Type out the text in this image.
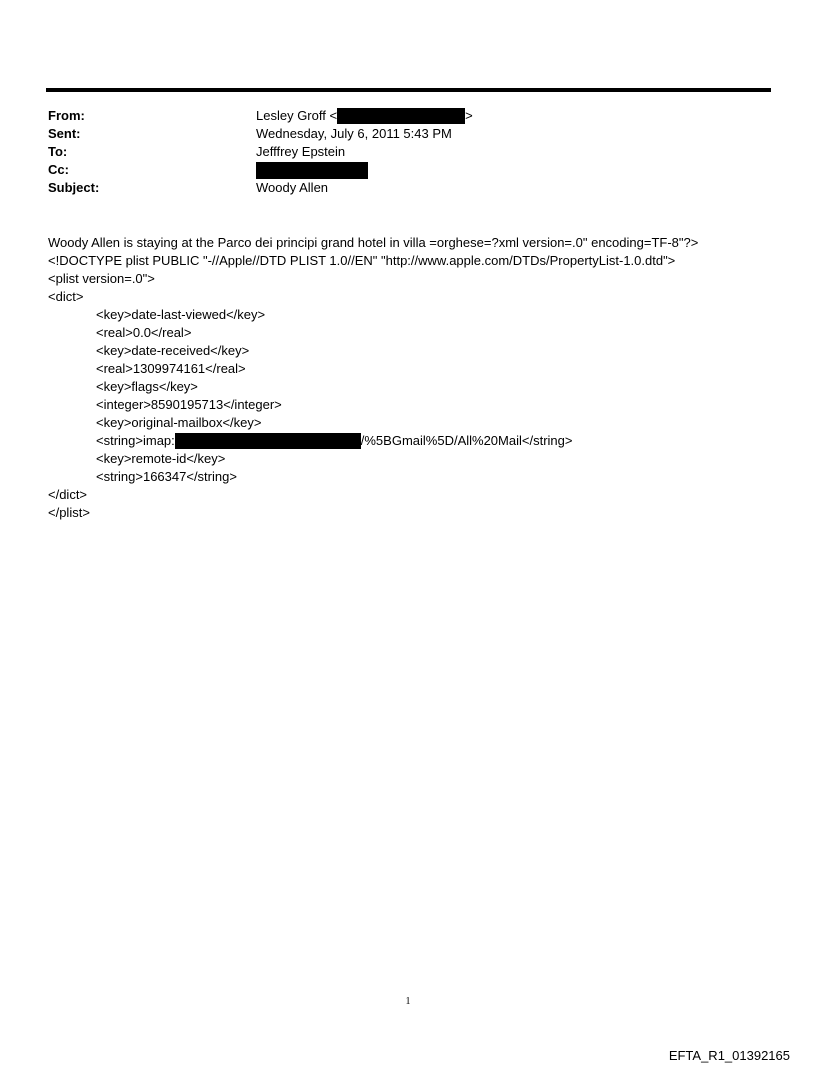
From:	Lesley Groff <	>
Sent:	Wednesday, July 6, 2011 5:43 PM
To:	Jefffrey Epstein
Cc:
Subject:	Woody Allen
Woody Allen is staying at the Parco dei principi grand hotel in villa =orghese=?xml version=.0" encoding=TF-8"?>
<!DOCTYPE plist PUBLIC "-//Apple//DTD PLIST 1.0//EN" "http://www.apple.com/DTDs/PropertyList-1.0.dtd">
<plist version=.0">
<dict>
<key>date-last-viewed</key>
<real>0.0</real>
<key>date-received</key>
<real>1309974161</real>
<key>flags</key>
<integer>8590195713</integer>
<key>original-mailbox</key>
<string>imap:	/%5BGmail%5D/All%20Mail</string>
<key>remote-id</key>
<string>166347</string>
</dict>
</plist>
1
EFTA_R1_01392165
